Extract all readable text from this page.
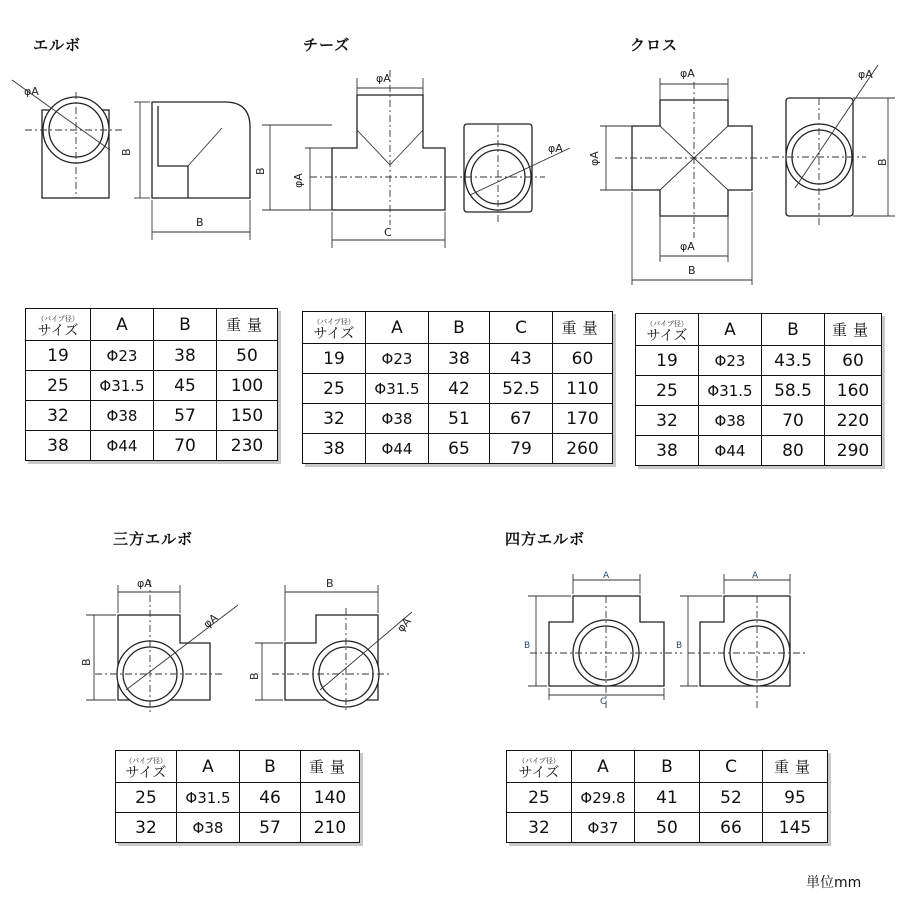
エルボ	チーズ	クロス
三方エルボ	四方エルボ
φA
B
B
φA
B
φA
C
φA
φA
φA
φA
B
φA
B
φA
φA
B
B
φA
B
A
B
C
A
B
（パイプ径）
サイズ	A	B	重量
19	Φ23	38	50
25	Φ31.5	45	100
32	Φ38	57	150
38	Φ44	70	230
（パイプ径）
サイズ	A	B	C	重量
19	Φ23	38	43	60
25	Φ31.5	42	52.5	110
32	Φ38	51	67	170
38	Φ44	65	79	260
（パイプ径）
サイズ	A	B	重量
19	Φ23	43.5	60
25	Φ31.5	58.5	160
32	Φ38	70	220
38	Φ44	80	290
（パイプ径）
サイズ	A	B	重量
25	Φ31.5	46	140
32	Φ38	57	210
（パイプ径）
サイズ	A	B	C	重量
25	Φ29.8	41	52	95
32	Φ37	50	66	145
単位mm
